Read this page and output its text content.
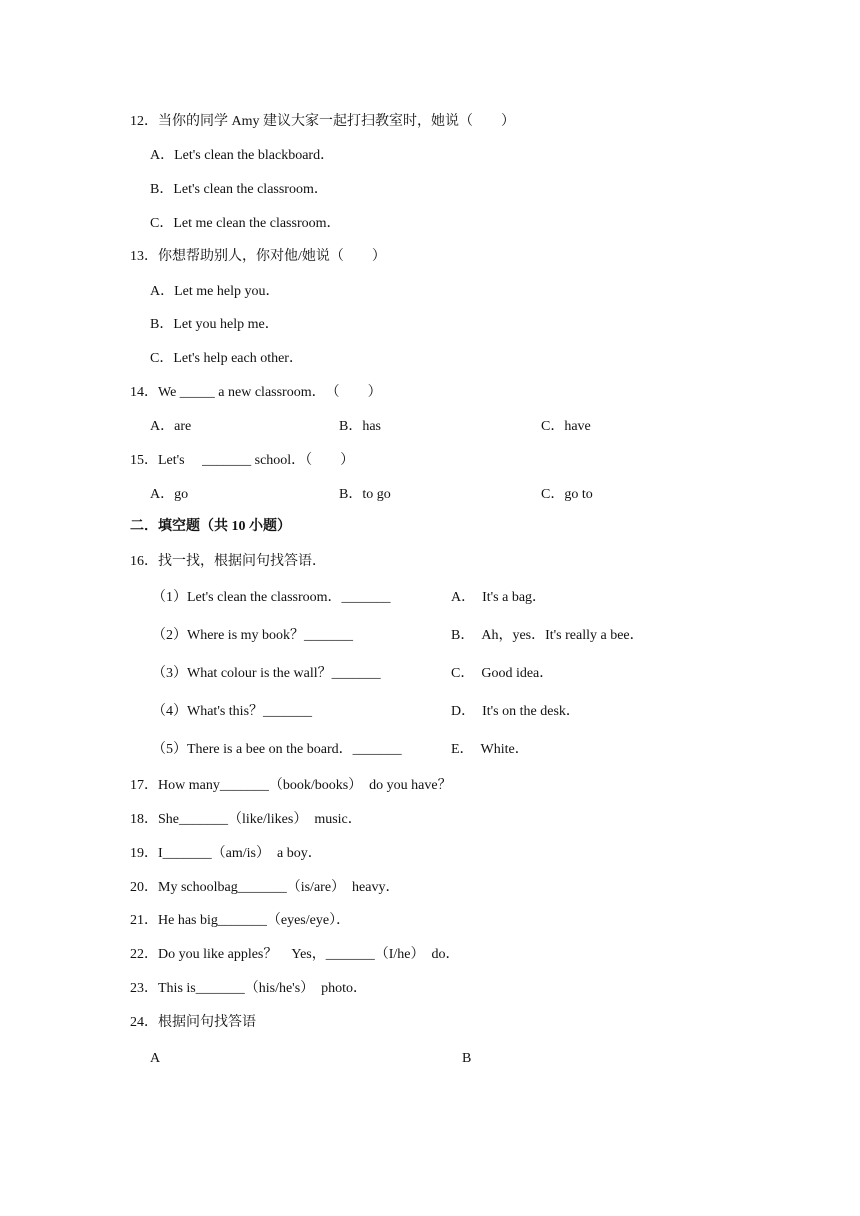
12．当你的同学 Amy 建议大家一起打扫教室时，她说（　　）
A．Let's clean the blackboard．
B．Let's clean the classroom．
C．Let me clean the classroom．
13．你想帮助别人，你对他/她说（　　）
A．Let me help you．
B．Let you help me．
C．Let's help each other．
14．We _____ a new classroom．　（　　）
A．are	B．has	C．have
15．Let's　 _______ school．（　　）
A．go	B．to go	C．go to
二．填空题（共 10 小题）
16．找一找，根据问句找答语．
（1）Let's clean the classroom．_______	A．　It's a bag．
（2）Where is my book？_______	B．　Ah，yes．It's really a bee．
（3）What colour is the wall？_______	C．　Good idea．
（4）What's this？_______	D．　It's on the desk．
（5）There is a bee on the board．_______	E．　White．
17．How many_______（book/books）　do you have？
18．She_______（like/likes）　music．
19．I_______（am/is）　a boy．
20．My schoolbag_______（is/are）　heavy．
21．He has big_______（eyes/eye）．
22．Do you like apples？　Yes，_______（I/he）　do．
23．This is_______（his/he's）　photo．
24．根据问句找答语
A	B
